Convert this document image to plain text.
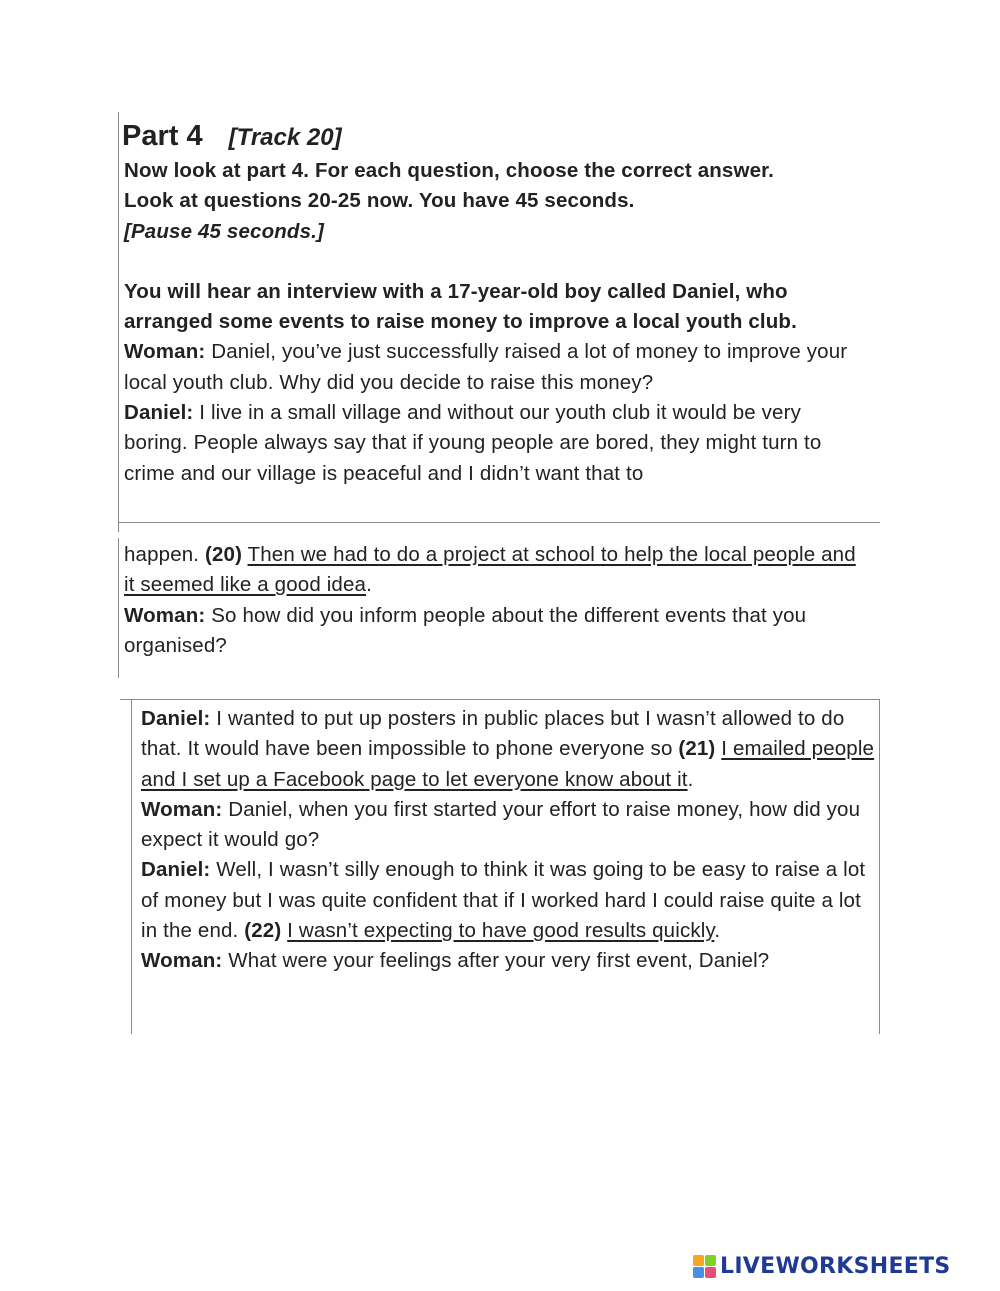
Part 4 [Track 20]

Now look at part 4. For each question, choose the correct answer.

Look at questions 20-25 now. You have 45 seconds.

[Pause 45 seconds.]

You will hear an interview with a 17-year-old boy called Daniel, who

arranged some events to raise money to improve a local youth club.

Woman: Daniel, you’ve just successfully raised a lot of money to improve your local youth club. Why did you decide to raise this money?

Daniel: I live in a small village and without our youth club it would be very boring. People always say that if young people are bored, they might turn to crime and our village is peaceful and I didn’t want that to

happen. (20) Then we had to do a project at school to help the local people and it seemed like a good idea.

Woman: So how did you inform people about the different events that you organised?

Daniel: I wanted to put up posters in public places but I wasn’t allowed to do that. It would have been impossible to phone everyone so (21) I emailed people and I set up a Facebook page to let everyone know about it.

Woman: Daniel, when you first started your effort to raise money, how did you expect it would go?

Daniel: Well, I wasn’t silly enough to think it was going to be easy to raise a lot of money but I was quite confident that if I worked hard I could raise quite a lot in the end. (22) I wasn’t expecting to have good results quickly.

Woman: What were your feelings after your very first event, Daniel?

LIVEWORKSHEETS
